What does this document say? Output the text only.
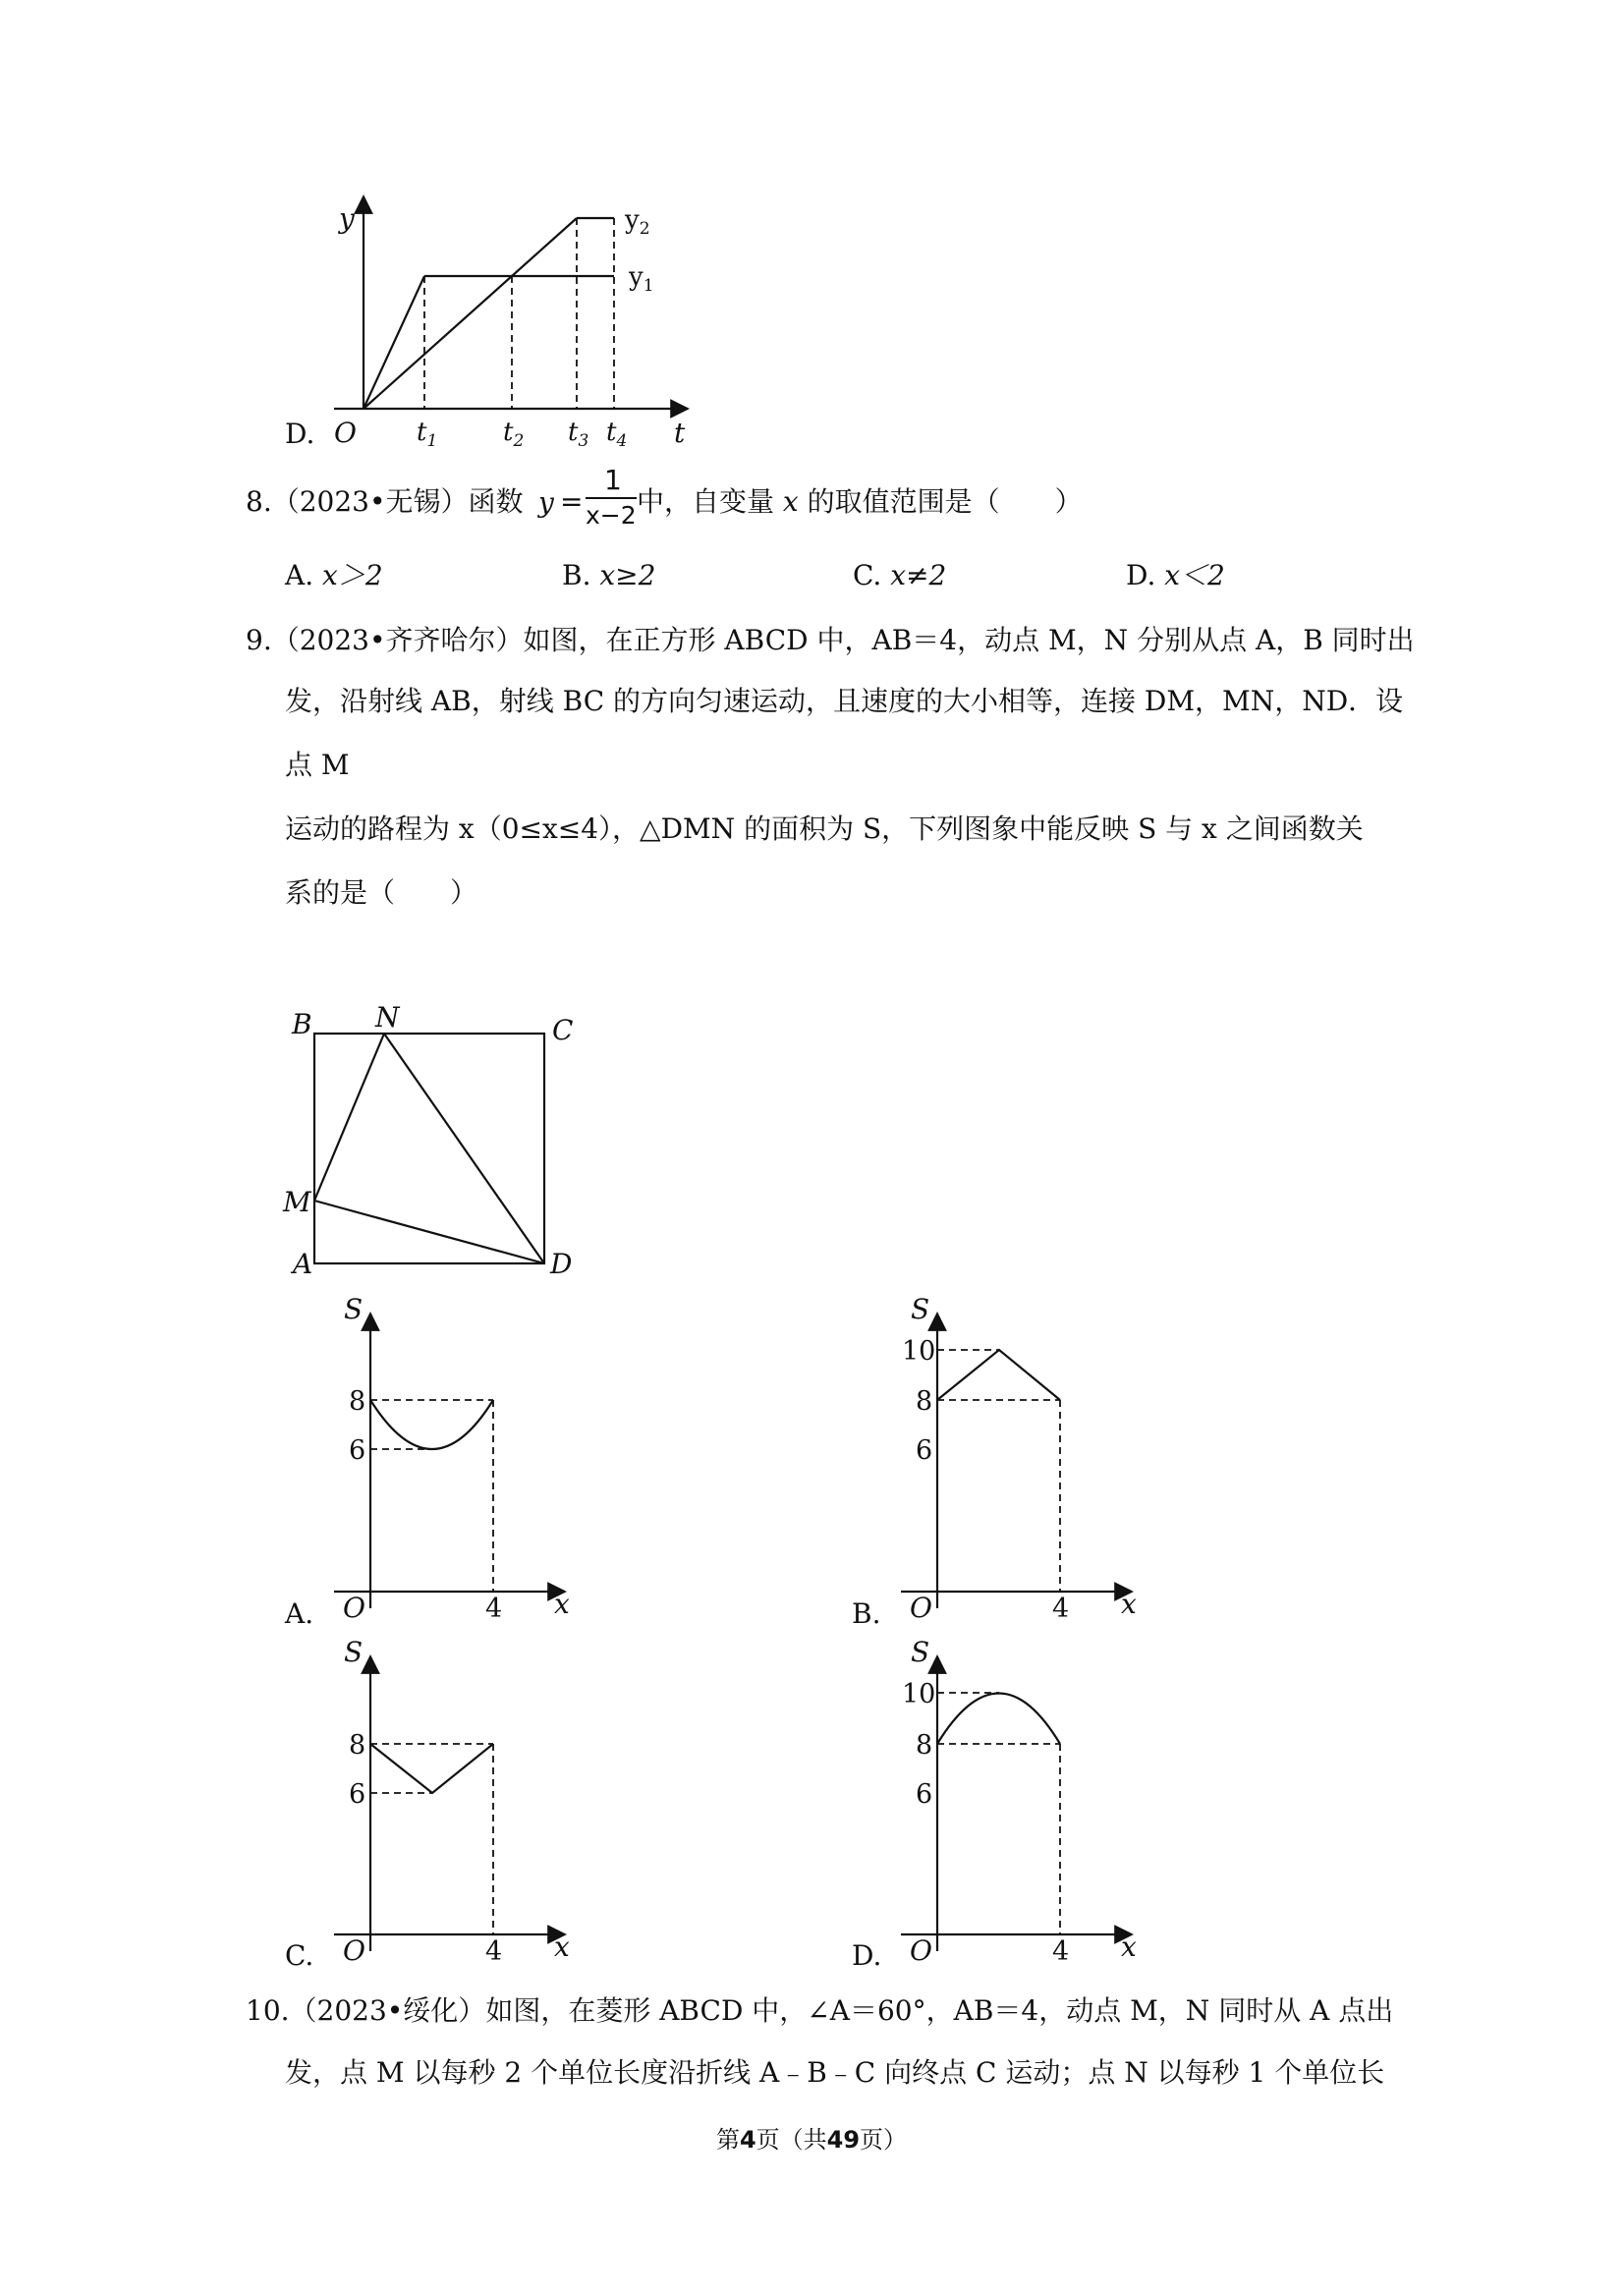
D.
y
O	t
$y_1$
$y_2$
$t_1$	$t_2$ $t_3$ $t_4$
8.（2023•无锡）函数 y =
1
x−2 中，自变量 x 的取值范围是（　　）
A. x＞2	B. x≥2	C. x≠2	D. x＜2
9.（2023•齐齐哈尔）如图，在正方形 ABCD 中，AB＝4，动点 M，N 分别从点 A，B 同时出
发，沿射线 AB，射线 BC 的方向匀速运动，且速度的大小相等，连接 DM，MN，ND．设
点 M
运动的路程为 x（0≤x≤4），△DMN 的面积为 S，下列图象中能反映 S 与 x 之间函数关
系的是（　　）
B N	C
M
A	D
S
8
6
O	4 x
A.
S
10
8
6
O	4 x
B.
S
8
6
O	4 x
C.
S
10
8
6
O	4 x
D.
10.（2023•绥化）如图，在菱形 ABCD 中，∠A＝60°，AB＝4，动点 M，N 同时从 A 点出
发，点 M 以每秒 2 个单位长度沿折线 A﹣B﹣C 向终点 C 运动；点 N 以每秒 1 个单位长
第4页（共49页）
